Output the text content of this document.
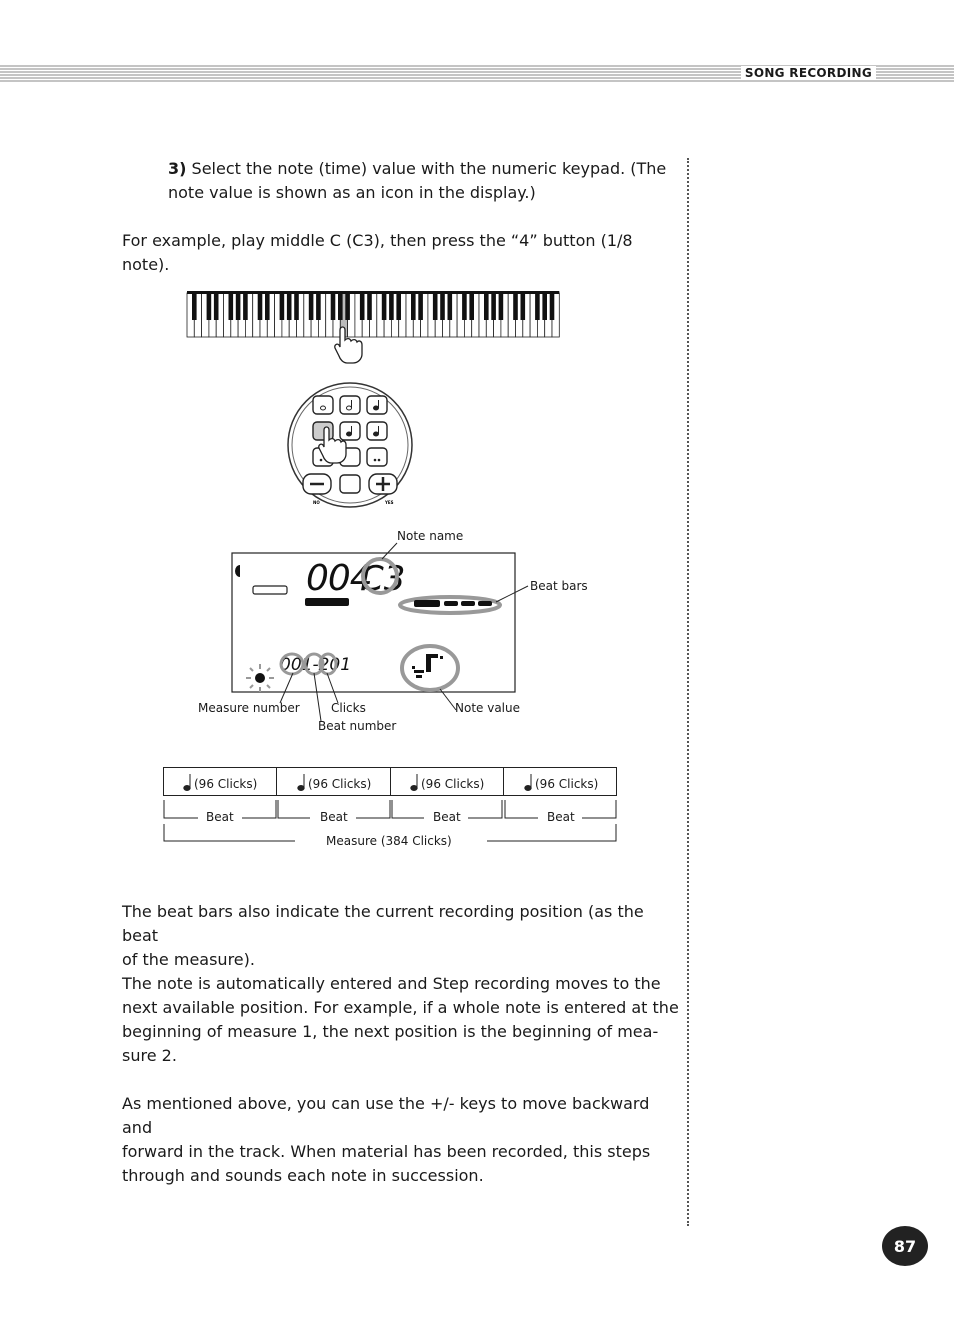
SONG RECORDING
3) Select the note (time) value with the numeric keypad. (The
note value is shown as an icon in the display.)
For example, play middle C (C3), then press the “4” button (1/8
note).
NO	YES
004
C3
001-201
Note name
Beat bars
Measure number	Clicks
Beat number
Note value
(96 Clicks)	(96 Clicks)	(96 Clicks)	(96 Clicks)
Beat	Beat	Beat	Beat
Measure (384 Clicks)
The beat bars also indicate the current recording position (as the beat
of the measure).
The note is automatically entered and Step recording moves to the
next available position. For example, if a whole note is entered at the
beginning of measure 1, the next position is the beginning of mea-
sure 2.
As mentioned above, you can use the +/- keys to move backward and
forward in the track. When material has been recorded, this steps
through and sounds each note in succession.
87
